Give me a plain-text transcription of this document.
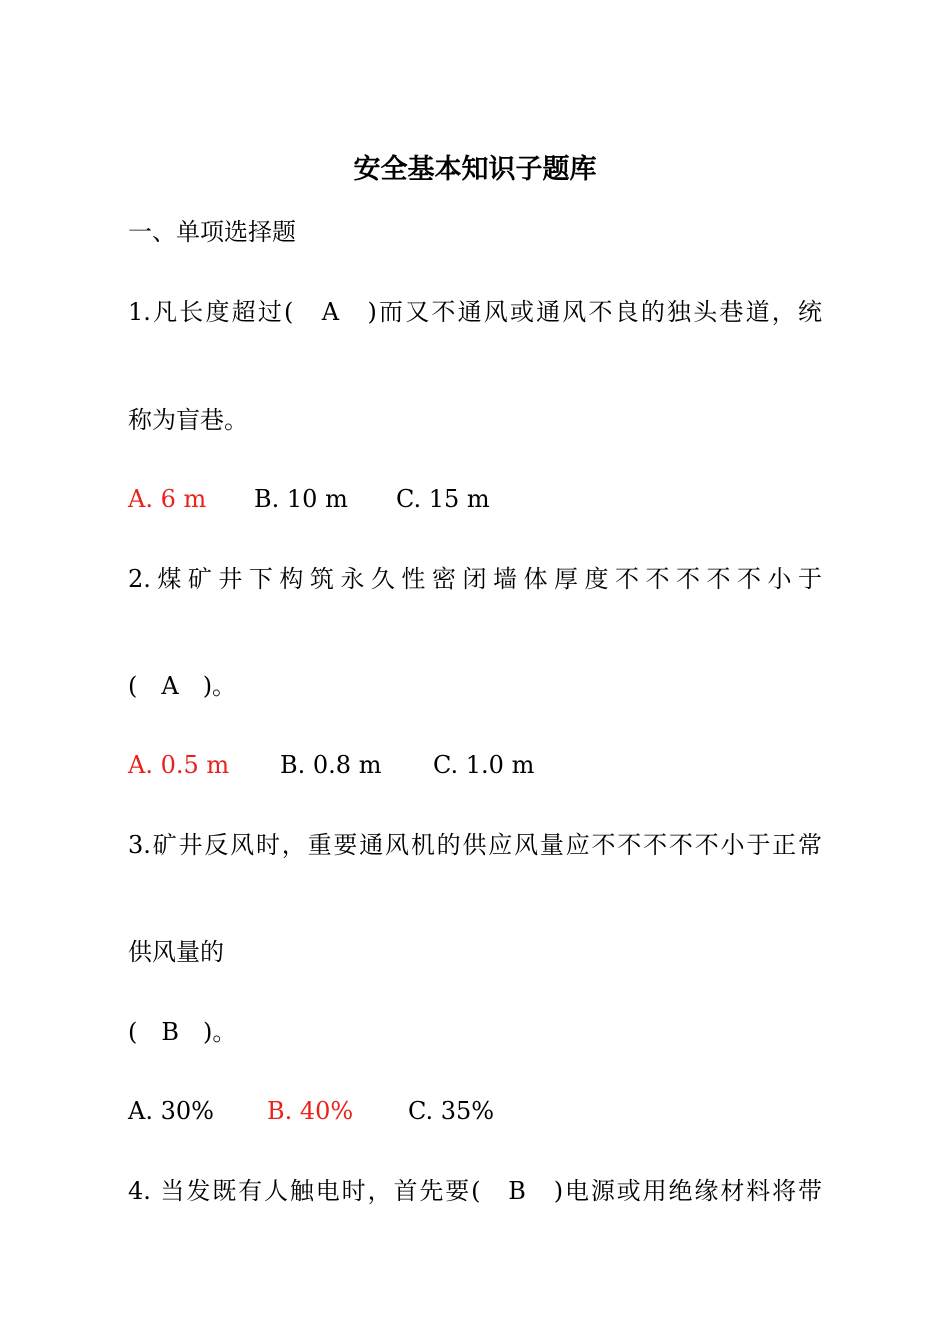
安全基本知识子题库

一、单项选择题

1.凡长度超过(　A　)而又不通风或通风不良的独头巷道，统

称为盲巷。

A. 6 m B. 10 m C. 15 m

2.煤矿井下构筑永久性密闭墙体厚度不不不不不小于

(　A　)。

A. 0.5 m B. 0.8 m C. 1.0 m

3.矿井反风时，重要通风机的供应风量应不不不不不小于正常

供风量的

(　B　)。

A. 30% B. 40% C. 35%

4. 当发既有人触电时，首先要(　B　)电源或用绝缘材料将带
